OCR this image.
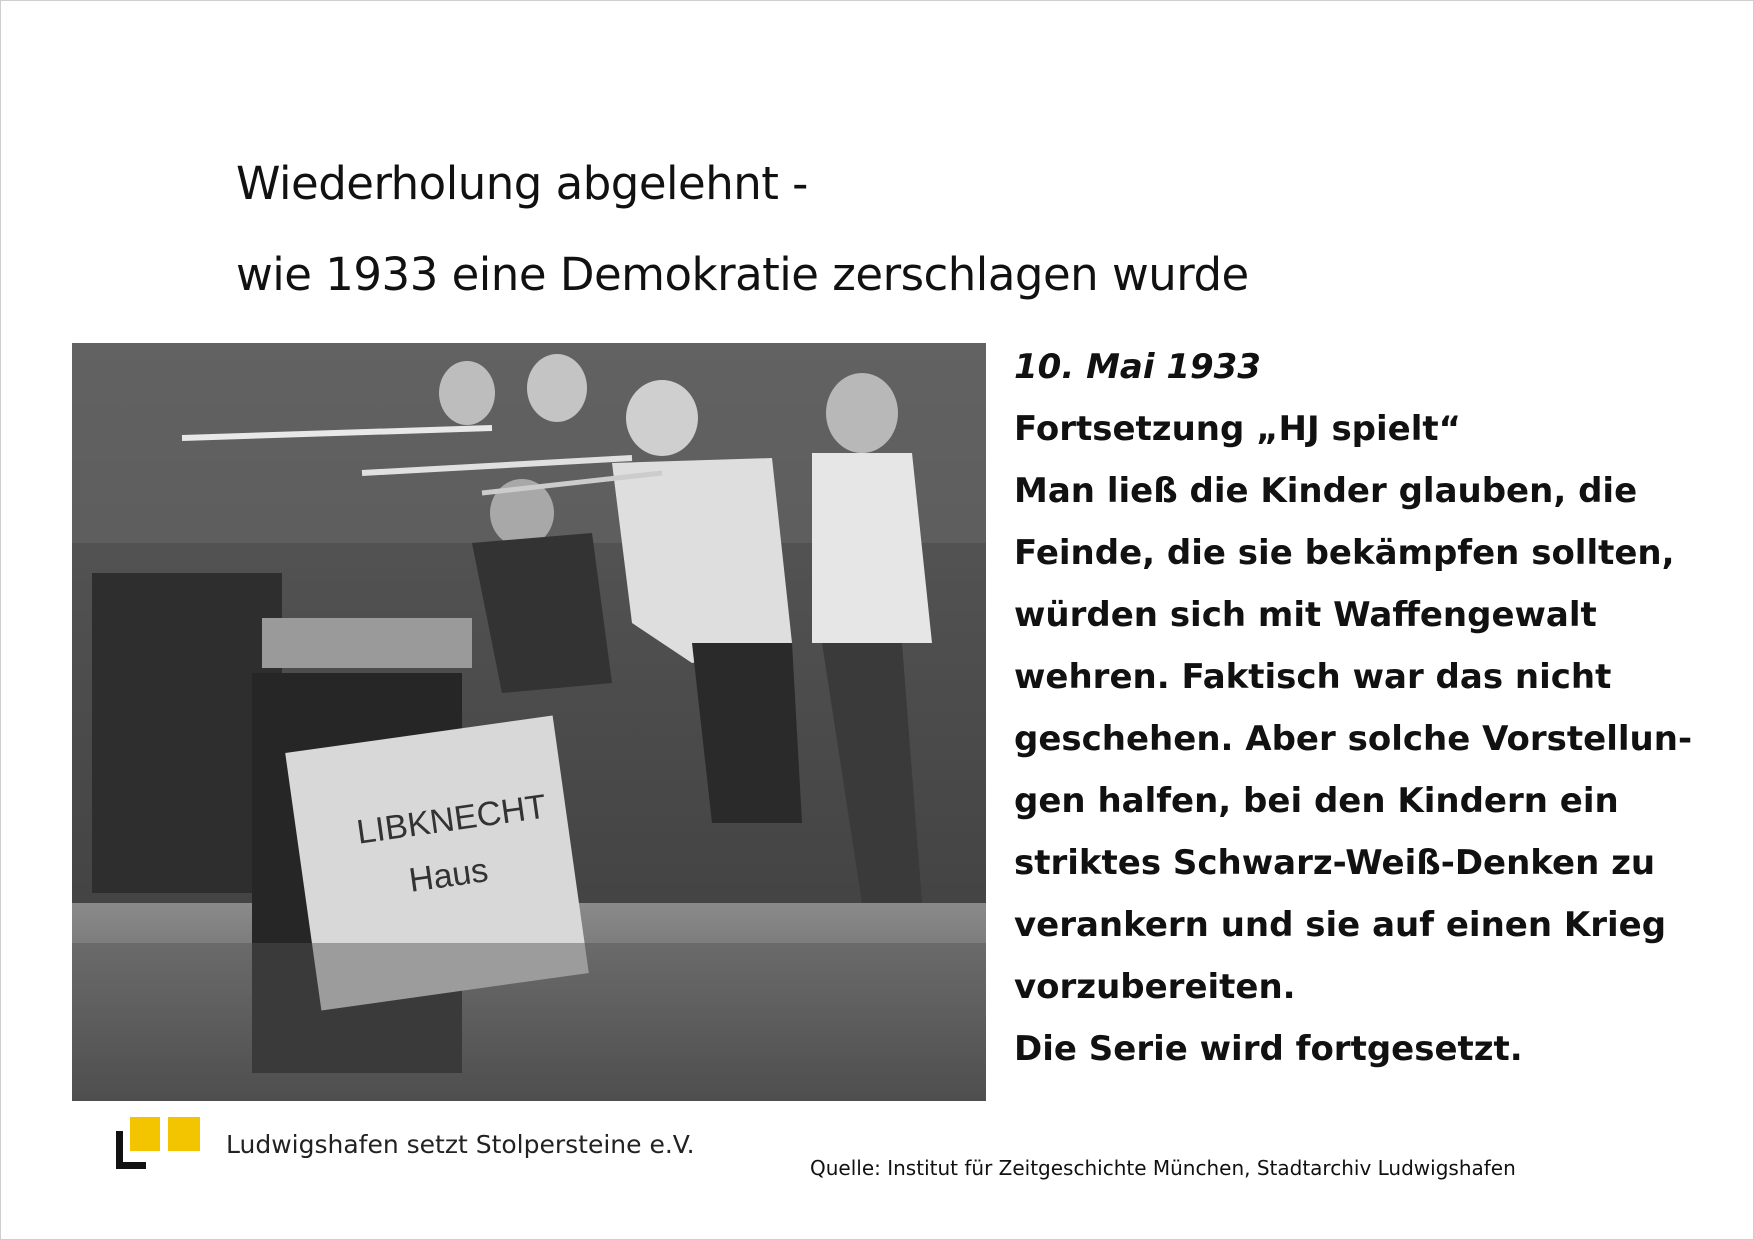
Wiederholung abgelehnt -
wie 1933 eine Demokratie zerschlagen wurde
LIBKNECHT
Haus
10. Mai 1933
Fortsetzung „HJ spielt“
Man ließ die Kinder glauben, die
Feinde, die sie bekämpfen sollten,
würden sich mit Waffengewalt
wehren. Faktisch war das nicht
geschehen. Aber solche Vorstellun-
gen halfen, bei den Kindern ein
striktes Schwarz-Weiß-Denken zu
verankern und sie auf einen Krieg
vorzubereiten.
Die Serie wird fortgesetzt.
Ludwigshafen setzt Stolpersteine e.V.
Quelle: Institut für Zeitgeschichte München, Stadtarchiv Ludwigshafen
